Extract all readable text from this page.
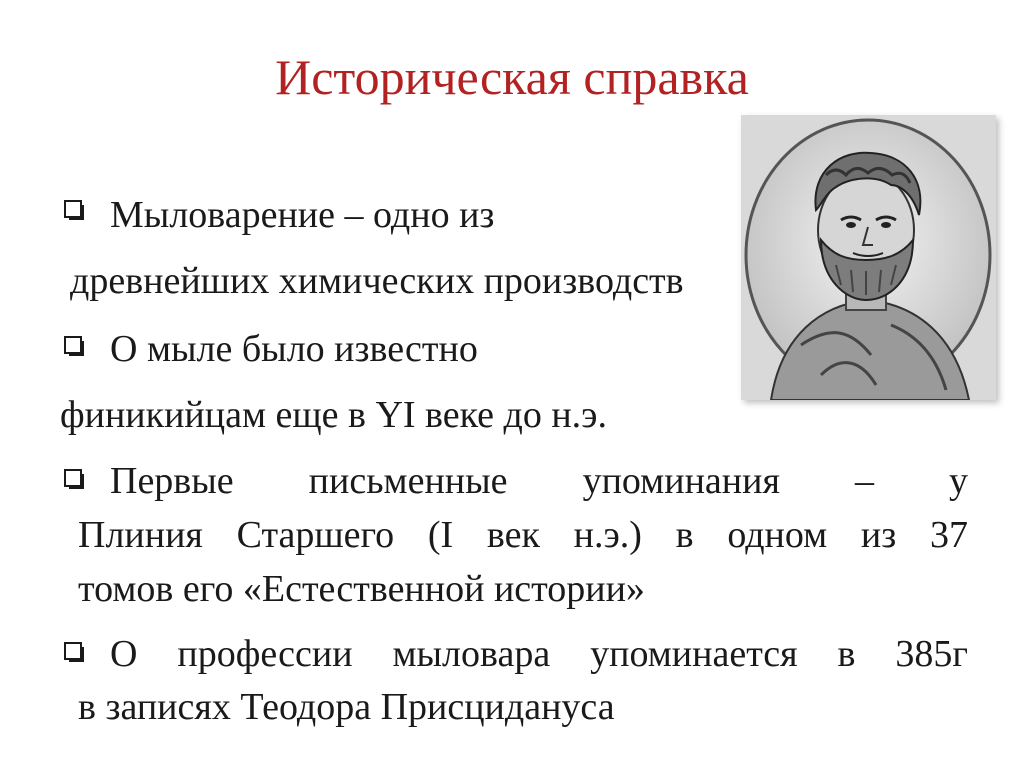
Историческая справка
Мыловарение – одно из
древнейших химических производств
О мыле было известно
финикийцам еще в YI веке до н.э.
Первые письменные упоминания – у
Плиния Старшего (I век н.э.) в одном из 37
томов его «Естественной истории»
О профессии мыловара упоминается в 385г
в записях Теодора Присцидануса
